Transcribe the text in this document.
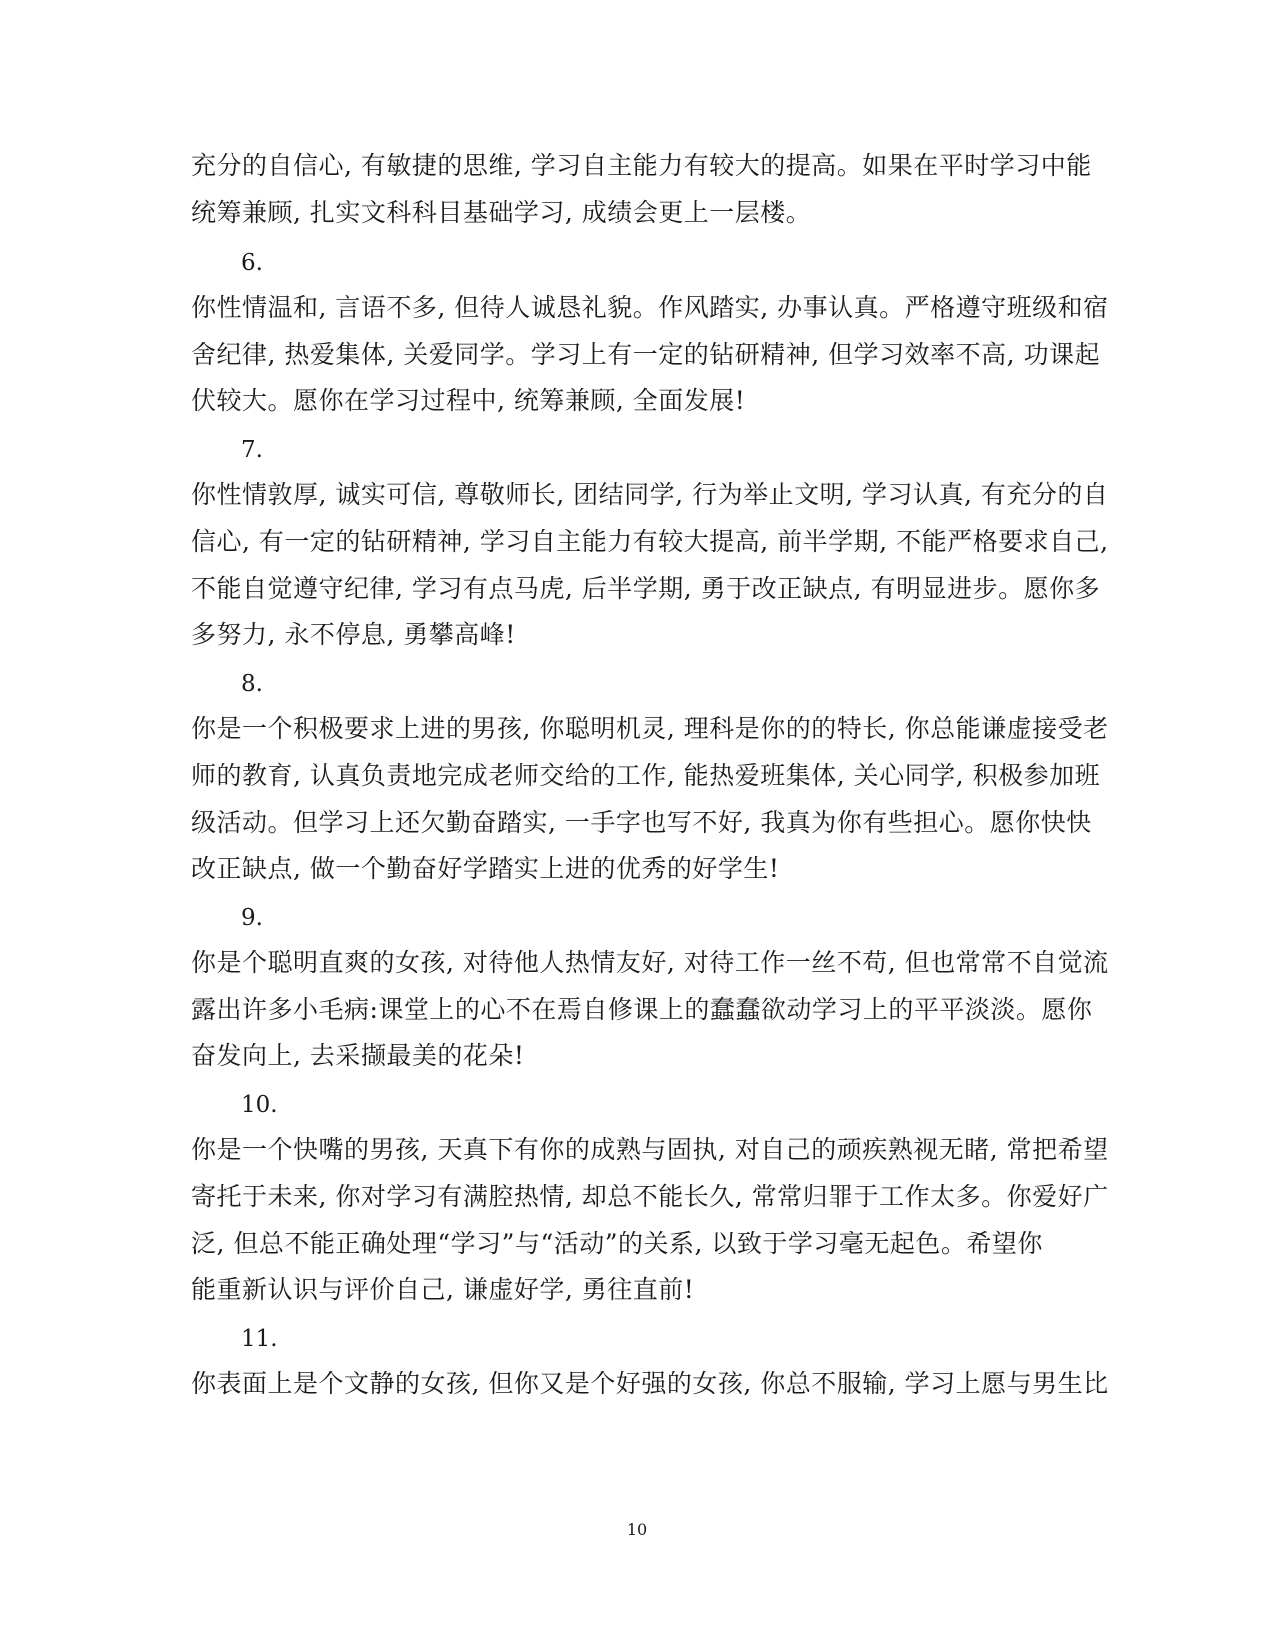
充分的自信心, 有敏捷的思维, 学习自主能力有较大的提高。如果在平时学习中能
统筹兼顾, 扎实文科科目基础学习, 成绩会更上一层楼。
6.
你性情温和, 言语不多, 但待人诚恳礼貌。作风踏实, 办事认真。严格遵守班级和宿
舍纪律, 热爱集体, 关爱同学。学习上有一定的钻研精神, 但学习效率不高, 功课起
伏较大。愿你在学习过程中, 统筹兼顾, 全面发展!
7.
你性情敦厚, 诚实可信, 尊敬师长, 团结同学, 行为举止文明, 学习认真, 有充分的自
信心, 有一定的钻研精神, 学习自主能力有较大提高, 前半学期, 不能严格要求自己,
不能自觉遵守纪律, 学习有点马虎, 后半学期, 勇于改正缺点, 有明显进步。愿你多
多努力, 永不停息, 勇攀高峰!
8.
你是一个积极要求上进的男孩, 你聪明机灵, 理科是你的的特长, 你总能谦虚接受老
师的教育, 认真负责地完成老师交给的工作, 能热爱班集体, 关心同学, 积极参加班
级活动。但学习上还欠勤奋踏实, 一手字也写不好, 我真为你有些担心。愿你快快
改正缺点, 做一个勤奋好学踏实上进的优秀的好学生!
9.
你是个聪明直爽的女孩, 对待他人热情友好, 对待工作一丝不苟, 但也常常不自觉流
露出许多小毛病:课堂上的心不在焉自修课上的蠢蠢欲动学习上的平平淡淡。愿你
奋发向上, 去采撷最美的花朵!
10.
你是一个快嘴的男孩, 天真下有你的成熟与固执, 对自己的顽疾熟视无睹, 常把希望
寄托于未来, 你对学习有满腔热情, 却总不能长久, 常常归罪于工作太多。你爱好广
泛, 但总不能正确处理“学习”与“活动”的关系, 以致于学习毫无起色。希望你
能重新认识与评价自己, 谦虚好学, 勇往直前!
11.
你表面上是个文静的女孩, 但你又是个好强的女孩, 你总不服输, 学习上愿与男生比
10
